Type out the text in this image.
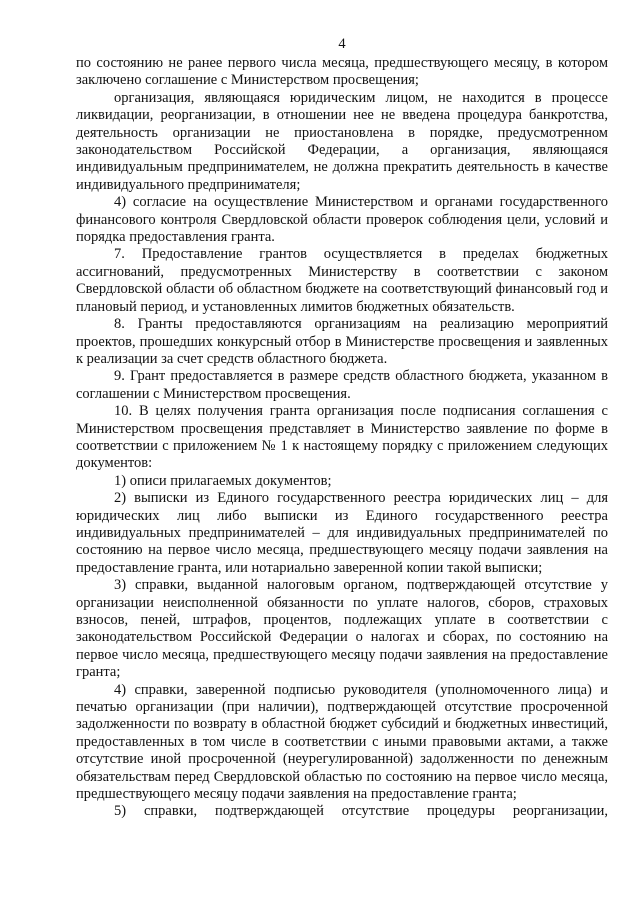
4

по состоянию не ранее первого числа месяца, предшествующего месяцу, в котором заключено соглашение с Министерством просвещения;

организация, являющаяся юридическим лицом, не находится в процессе ликвидации, реорганизации, в отношении нее не введена процедура банкротства, деятельность организации не приостановлена в порядке, предусмотренном законодательством Российской Федерации, а организация, являющаяся индивидуальным предпринимателем, не должна прекратить деятельность в качестве индивидуального предпринимателя;

4) согласие на осуществление Министерством и органами государственного финансового контроля Свердловской области проверок соблюдения цели, условий и порядка предоставления гранта.

7. Предоставление грантов осуществляется в пределах бюджетных ассигнований, предусмотренных Министерству в соответствии с законом Свердловской области об областном бюджете на соответствующий финансовый год и плановый период, и установленных лимитов бюджетных обязательств.

8. Гранты предоставляются организациям на реализацию мероприятий проектов, прошедших конкурсный отбор в Министерстве просвещения и заявленных к реализации за счет средств областного бюджета.

9. Грант предоставляется в размере средств областного бюджета, указанном в соглашении с Министерством просвещения.

10. В целях получения гранта организация после подписания соглашения с Министерством просвещения представляет в Министерство заявление по форме в соответствии с приложением № 1 к настоящему порядку с приложением следующих документов:

1) описи прилагаемых документов;

2) выписки из Единого государственного реестра юридических лиц – для юридических лиц либо выписки из Единого государственного реестра индивидуальных предпринимателей – для индивидуальных предпринимателей по состоянию на первое число месяца, предшествующего месяцу подачи заявления на предоставление гранта, или нотариально заверенной копии такой выписки;

3) справки, выданной налоговым органом, подтверждающей отсутствие у организации неисполненной обязанности по уплате налогов, сборов, страховых взносов, пеней, штрафов, процентов, подлежащих уплате в соответствии с законодательством Российской Федерации о налогах и сборах, по состоянию на первое число месяца, предшествующего месяцу подачи заявления на предоставление гранта;

4) справки, заверенной подписью руководителя (уполномоченного лица) и печатью организации (при наличии), подтверждающей отсутствие просроченной задолженности по возврату в областной бюджет субсидий и бюджетных инвестиций, предоставленных в том числе в соответствии с иными правовыми актами, а также отсутствие иной просроченной (неурегулированной) задолженности по денежным обязательствам перед Свердловской областью по состоянию на первое число месяца, предшествующего месяцу подачи заявления на предоставление гранта;

5) справки, подтверждающей отсутствие процедуры реорганизации,
